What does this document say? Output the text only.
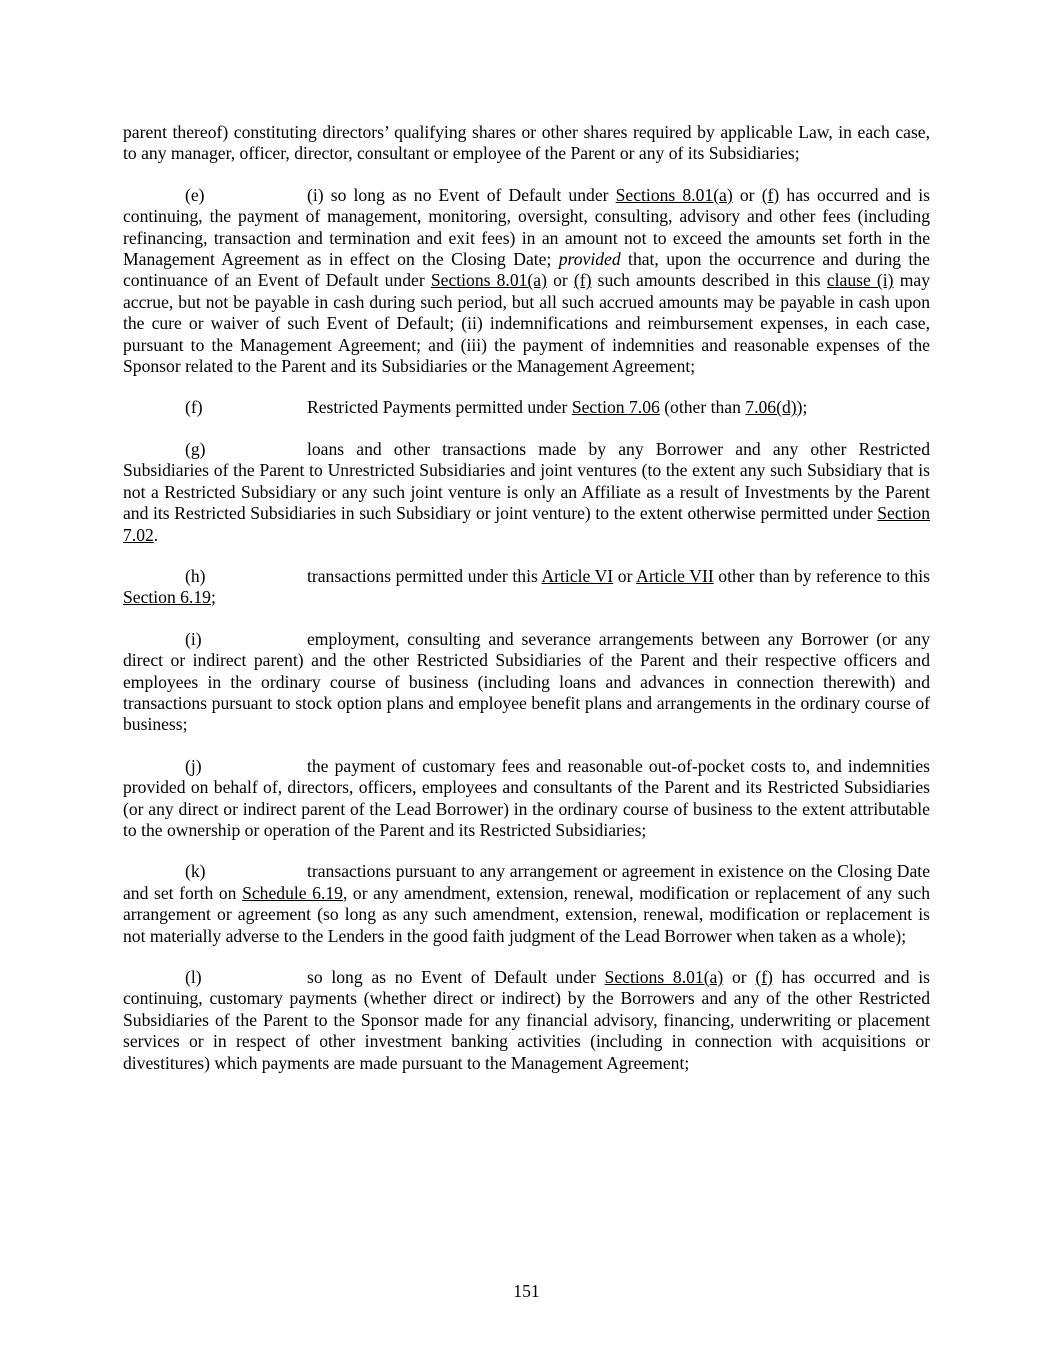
parent thereof) constituting directors’ qualifying shares or other shares required by applicable Law, in each case, to any manager, officer, director, consultant or employee of the Parent or any of its Subsidiaries;

(e)	(i) so long as no Event of Default under Sections 8.01(a) or (f) has occurred and is continuing, the payment of management, monitoring, oversight, consulting, advisory and other fees (including refinancing, transaction and termination and exit fees) in an amount not to exceed the amounts set forth in the Management Agreement as in effect on the Closing Date; provided that, upon the occurrence and during the continuance of an Event of Default under Sections 8.01(a) or (f) such amounts described in this clause (i) may accrue, but not be payable in cash during such period, but all such accrued amounts may be payable in cash upon the cure or waiver of such Event of Default; (ii) indemnifications and reimbursement expenses, in each case, pursuant to the Management Agreement; and (iii) the payment of indemnities and reasonable expenses of the Sponsor related to the Parent and its Subsidiaries or the Management Agreement;

(f)	Restricted Payments permitted under Section 7.06 (other than 7.06(d));

(g)	loans and other transactions made by any Borrower and any other Restricted Subsidiaries of the Parent to Unrestricted Subsidiaries and joint ventures (to the extent any such Subsidiary that is not a Restricted Subsidiary or any such joint venture is only an Affiliate as a result of Investments by the Parent and its Restricted Subsidiaries in such Subsidiary or joint venture) to the extent otherwise permitted under Section 7.02.

(h)	transactions permitted under this Article VI or Article VII other than by reference to this Section 6.19;

(i)	employment, consulting and severance arrangements between any Borrower (or any direct or indirect parent) and the other Restricted Subsidiaries of the Parent and their respective officers and employees in the ordinary course of business (including loans and advances in connection therewith) and transactions pursuant to stock option plans and employee benefit plans and arrangements in the ordinary course of business;

(j)	the payment of customary fees and reasonable out-of-pocket costs to, and indemnities provided on behalf of, directors, officers, employees and consultants of the Parent and its Restricted Subsidiaries (or any direct or indirect parent of the Lead Borrower) in the ordinary course of business to the extent attributable to the ownership or operation of the Parent and its Restricted Subsidiaries;

(k)	transactions pursuant to any arrangement or agreement in existence on the Closing Date and set forth on Schedule 6.19, or any amendment, extension, renewal, modification or replacement of any such arrangement or agreement (so long as any such amendment, extension, renewal, modification or replacement is not materially adverse to the Lenders in the good faith judgment of the Lead Borrower when taken as a whole);

(l)	so long as no Event of Default under Sections 8.01(a) or (f) has occurred and is continuing, customary payments (whether direct or indirect) by the Borrowers and any of the other Restricted Subsidiaries of the Parent to the Sponsor made for any financial advisory, financing, underwriting or placement services or in respect of other investment banking activities (including in connection with acquisitions or divestitures) which payments are made pursuant to the Management Agreement;

151
